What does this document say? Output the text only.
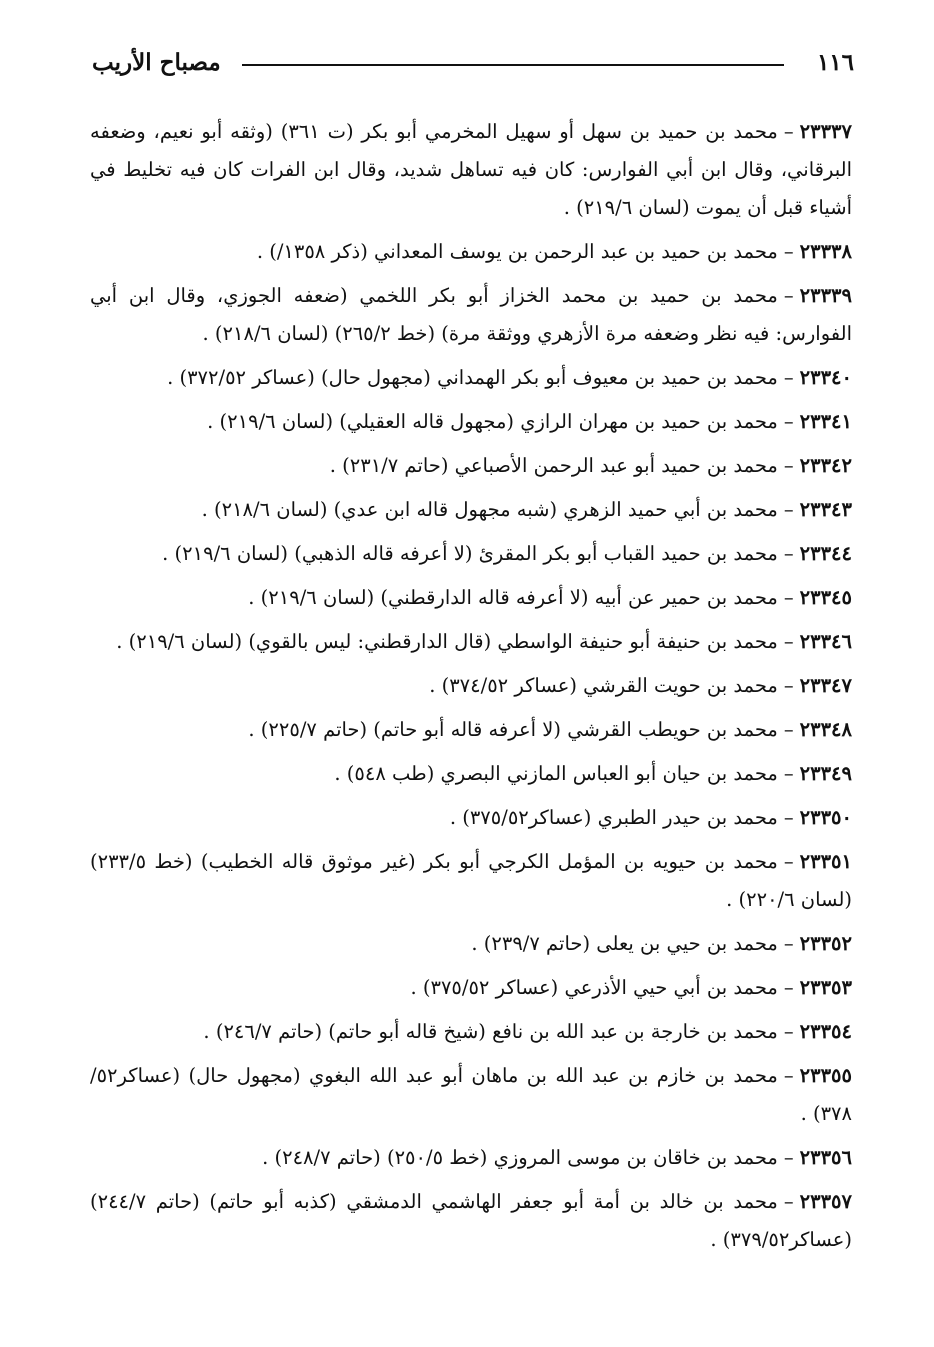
١١٦
مصباح الأريب

٢٣٣٣٧–محمد بن حميد بن سهل أو سهيل المخرمي أبو بكر (ت ٣٦١) (وثقه أبو نعيم، وضعفه البرقاني، وقال ابن أبي الفوارس: كان فيه تساهل شديد، وقال ابن الفرات كان فيه تخليط في أشياء قبل أن يموت (لسان ٢١٩/٦) .

٢٣٣٣٨–محمد بن حميد بن عبد الرحمن بن يوسف المعداني (ذكر ١٣٥٨/) .

٢٣٣٣٩–محمد بن حميد بن محمد الخزاز أبو بكر اللخمي (ضعفه الجوزي، وقال ابن أبي الفوارس: فيه نظر وضعفه مرة الأزهري ووثقة مرة) (خط ٢٦٥/٢) (لسان ٢١٨/٦) .

٢٣٣٤٠–محمد بن حميد بن معيوف أبو بكر الهمداني (مجهول حال) (عساكر ٣٧٢/٥٢) .

٢٣٣٤١–محمد بن حميد بن مهران الرازي (مجهول قاله العقيلي) (لسان ٢١٩/٦) .

٢٣٣٤٢–محمد بن حميد أبو عبد الرحمن الأصباعي (حاتم ٢٣١/٧) .

٢٣٣٤٣–محمد بن أبي حميد الزهري (شبه مجهول قاله ابن عدي) (لسان ٢١٨/٦) .

٢٣٣٤٤–محمد بن حميد القباب أبو بكر المقرئ (لا أعرفه قاله الذهبي) (لسان ٢١٩/٦) .

٢٣٣٤٥–محمد بن حمير عن أبيه (لا أعرفه قاله الدارقطني) (لسان ٢١٩/٦) .

٢٣٣٤٦–محمد بن حنيفة أبو حنيفة الواسطي (قال الدارقطني: ليس بالقوي) (لسان ٢١٩/٦) .

٢٣٣٤٧–محمد بن حويت القرشي (عساكر ٣٧٤/٥٢) .

٢٣٣٤٨–محمد بن حويطب القرشي (لا أعرفه قاله أبو حاتم) (حاتم ٢٢٥/٧) .

٢٣٣٤٩–محمد بن حيان أبو العباس المازني البصري (طب ٥٤٨) .

٢٣٣٥٠–محمد بن حيدر الطبري (عساكر٣٧٥/٥٢) .

٢٣٣٥١–محمد بن حيويه بن المؤمل الكرجي أبو بكر (غير موثوق قاله الخطيب) (خط ٢٣٣/٥) (لسان ٢٢٠/٦) .

٢٣٣٥٢–محمد بن حيي بن يعلى (حاتم ٢٣٩/٧) .

٢٣٣٥٣–محمد بن أبي حيي الأذرعي (عساكر ٣٧٥/٥٢) .

٢٣٣٥٤–محمد بن خارجة بن عبد الله بن نافع (شيخ قاله أبو حاتم) (حاتم ٢٤٦/٧) .

٢٣٣٥٥–محمد بن خازم بن عبد الله بن ماهان أبو عبد الله البغوي (مجهول حال) (عساكر٥٢/ ٣٧٨) .

٢٣٣٥٦–محمد بن خاقان بن موسى المروزي (خط ٢٥٠/٥) (حاتم ٢٤٨/٧) .

٢٣٣٥٧–محمد بن خالد بن أمة أبو جعفر الهاشمي الدمشقي (كذبه أبو حاتم) (حاتم ٢٤٤/٧) (عساكر٣٧٩/٥٢) .
